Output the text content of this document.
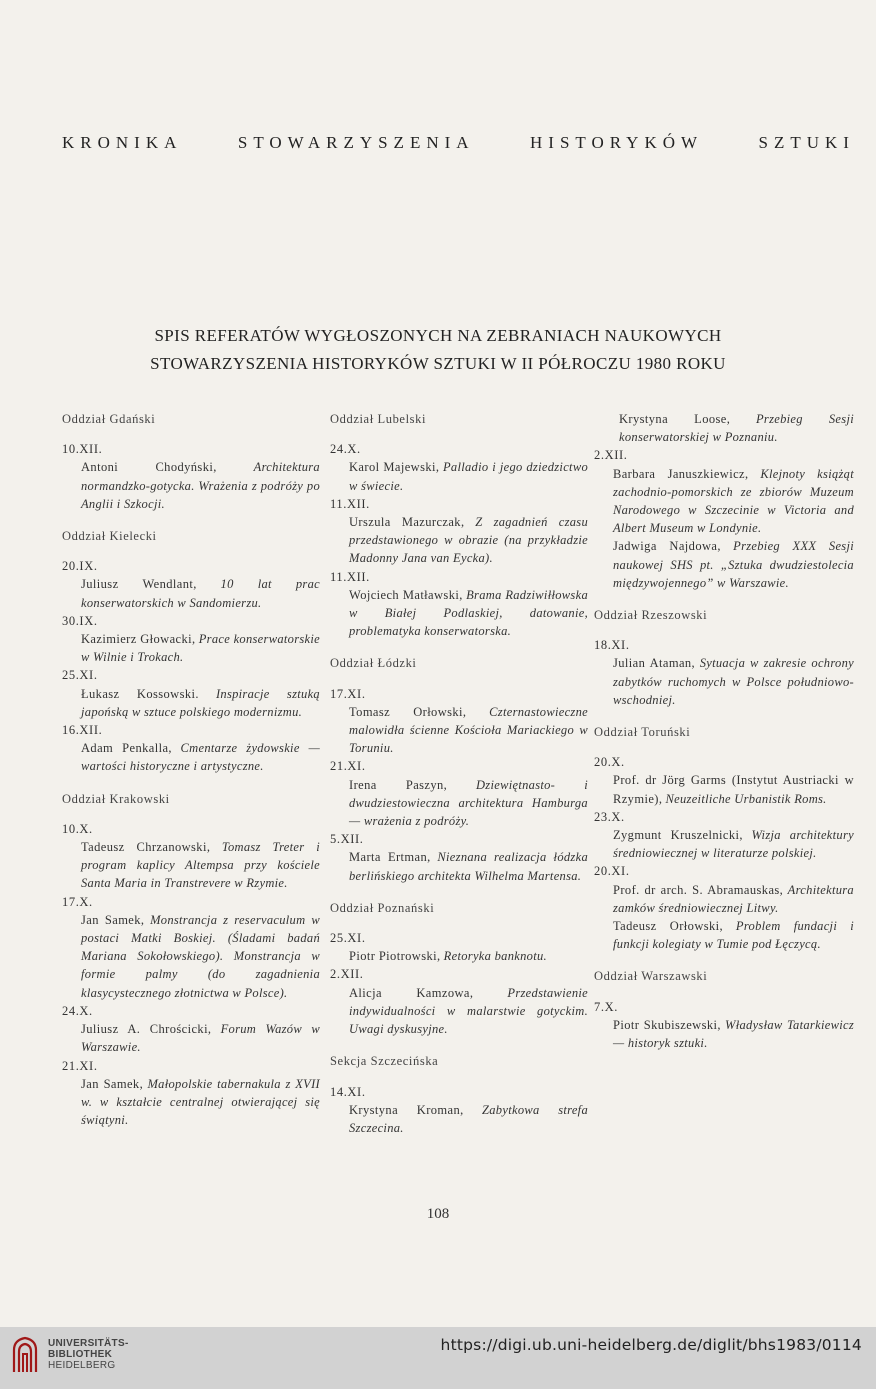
KRONIKA	STOWARZYSZENIA	HISTORYKÓW	SZTUKI
SPIS REFERATÓW WYGŁOSZONYCH NA ZEBRANIACH NAUKOWYCH
STOWARZYSZENIA HISTORYKÓW SZTUKI W II PÓŁROCZU 1980 ROKU
Oddział Gdański
10.XII.
Antoni Chodyński,	Architektura normandzko-gotycka. Wrażenia z podróży po Anglii i Szkocji.
Oddział Kielecki
20.IX.
Juliusz Wendlant, 10 lat prac konserwatorskich w Sandomierzu.
30.IX.
Kazimierz Głowacki, Prace konserwatorskie w Wilnie i Trokach.
25.XI.
Łukasz Kossowski. Inspiracje sztuką japońską w sztuce polskiego modernizmu.
16.XII.
Adam Penkalla, Cmentarze żydowskie — wartości historyczne i artystyczne.
Oddział Krakowski
10.X.
Tadeusz Chrzanowski, Tomasz Treter i program kaplicy Altempsa przy kościele Santa Maria in Transtrevere w Rzymie.
17.X.
Jan Samek, Monstrancja z reservaculum w postaci Matki Boskiej. (Śladami badań Mariana Sokołowskiego). Monstrancja w formie palmy (do zagadnienia klasycystecznego złotnictwa w Polsce).
24.X.
Juliusz A. Chrościcki, Forum Wazów w Warszawie.
21.XI.
Jan Samek, Małopolskie tabernakula z XVII w. w kształcie centralnej otwierającej się świątyni.
Oddział Lubelski
24.X.
Karol Majewski, Palladio i jego dziedzictwo w świecie.
11.XII.
Urszula Mazurczak, Z zagadnień czasu przedstawionego w obrazie (na przykładzie Madonny Jana van Eycka).
11.XII.
Wojciech Matławski, Brama Radziwiłłowska w Białej Podlaskiej, datowanie, problematyka konserwatorska.
Oddział Łódzki
17.XI.
Tomasz Orłowski, Czternastowieczne malowidła ścienne Kościoła Mariackiego w Toruniu.
21.XI.
Irena Paszyn, Dziewiętnasto- i dwudziestowieczna architektura Hamburga — wrażenia z podróży.
5.XII.
Marta Ertman, Nieznana realizacja łódzka berlińskiego architekta Wilhelma Martensa.
Oddział Poznański
25.XI.
Piotr Piotrowski, Retoryka banknotu.
2.XII.
Alicja Kamzowa,	Przedstawienie indywidualności w malarstwie gotyckim. Uwagi dyskusyjne.
Sekcja Szczecińska
14.XI.
Krystyna Kroman, Zabytkowa strefa Szczecina.
Krystyna Loose, Przebieg Sesji konserwatorskiej w Poznaniu.
2.XII.
Barbara Januszkiewicz, Klejnoty książąt zachodnio-pomorskich ze zbiorów Muzeum Narodowego w Szczecinie w Victoria and Albert Museum w Londynie.
Jadwiga Najdowa, Przebieg XXX Sesji naukowej SHS pt. „Sztuka dwudziestolecia międzywojennego” w Warszawie.
Oddział Rzeszowski
18.XI.
Julian Ataman, Sytuacja w zakresie ochrony zabytków ruchomych w Polsce południowo-wschodniej.
Oddział Toruński
20.X.
Prof. dr Jörg Garms (Instytut Austriacki w Rzymie), Neuzeitliche Urbanistik Roms.
23.X.
Zygmunt Kruszelnicki, Wizja architektury średniowiecznej w literaturze polskiej.
20.XI.
Prof. dr arch. S. Abramauskas, Architektura zamków średniowiecznej Litwy.
Tadeusz Orłowski, Problem fundacji i funkcji kolegiaty w Tumie pod Łęczycą.
Oddział Warszawski
7.X.
Piotr Skubiszewski, Władysław Tatarkiewicz — historyk sztuki.
108
UNIVERSITÄTS-
BIBLIOTHEK
HEIDELBERG
https://digi.ub.uni-heidelberg.de/diglit/bhs1983/0114
